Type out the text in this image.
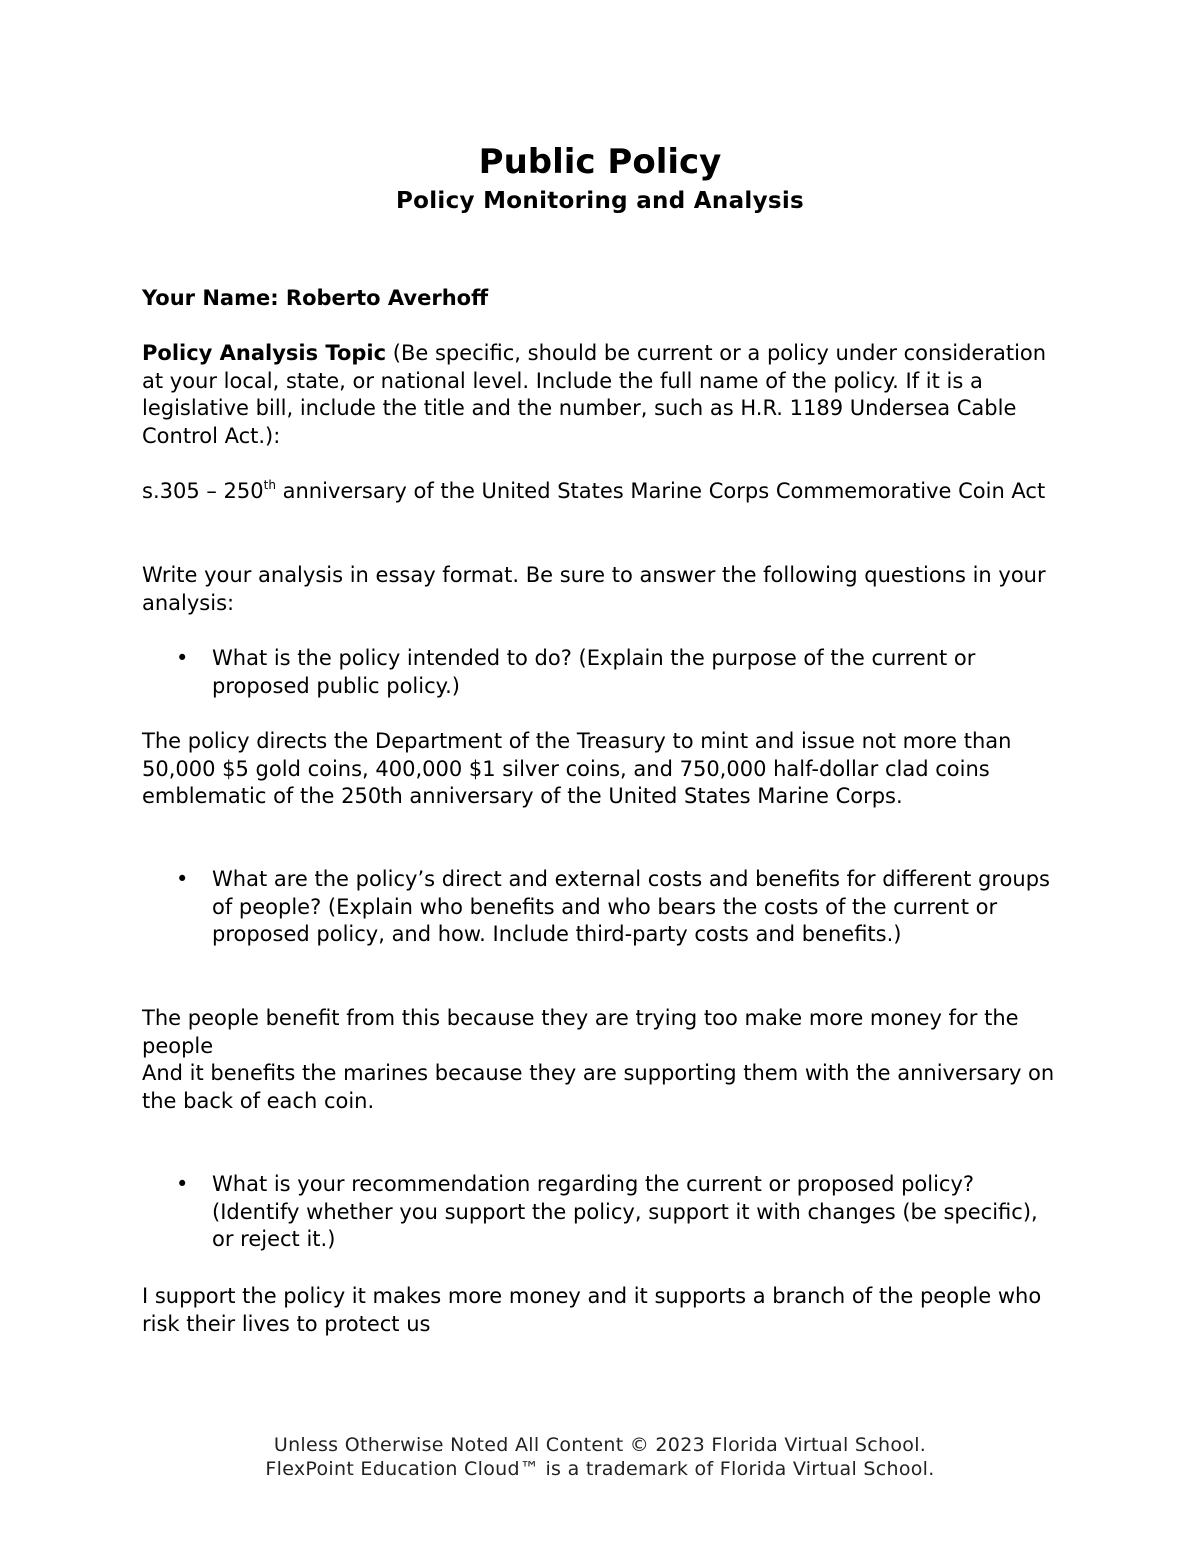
Public Policy
Policy Monitoring and Analysis
Your Name: Roberto Averhoff
Policy Analysis Topic (Be specific, should be current or a policy under consideration at your local, state, or national level. Include the full name of the policy. If it is a legislative bill, include the title and the number, such as H.R. 1189 Undersea Cable Control Act.):
s.305 – 250th anniversary of the United States Marine Corps Commemorative Coin Act
Write your analysis in essay format. Be sure to answer the following questions in your analysis:
• What is the policy intended to do? (Explain the purpose of the current or proposed public policy.)
The policy directs the Department of the Treasury to mint and issue not more than 50,000 $5 gold coins, 400,000 $1 silver coins, and 750,000 half-dollar clad coins emblematic of the 250th anniversary of the United States Marine Corps.
• What are the policy’s direct and external costs and benefits for different groups of people? (Explain who benefits and who bears the costs of the current or proposed policy, and how. Include third-party costs and benefits.)
The people benefit from this because they are trying too make more money for the people
And it benefits the marines because they are supporting them with the anniversary on the back of each coin.
• What is your recommendation regarding the current or proposed policy? (Identify whether you support the policy, support it with changes (be specific), or reject it.)
I support the policy it makes more money and it supports a branch of the people who risk their lives to protect us
Unless Otherwise Noted All Content © 2023 Florida Virtual School.
FlexPoint Education Cloud™ is a trademark of Florida Virtual School.
